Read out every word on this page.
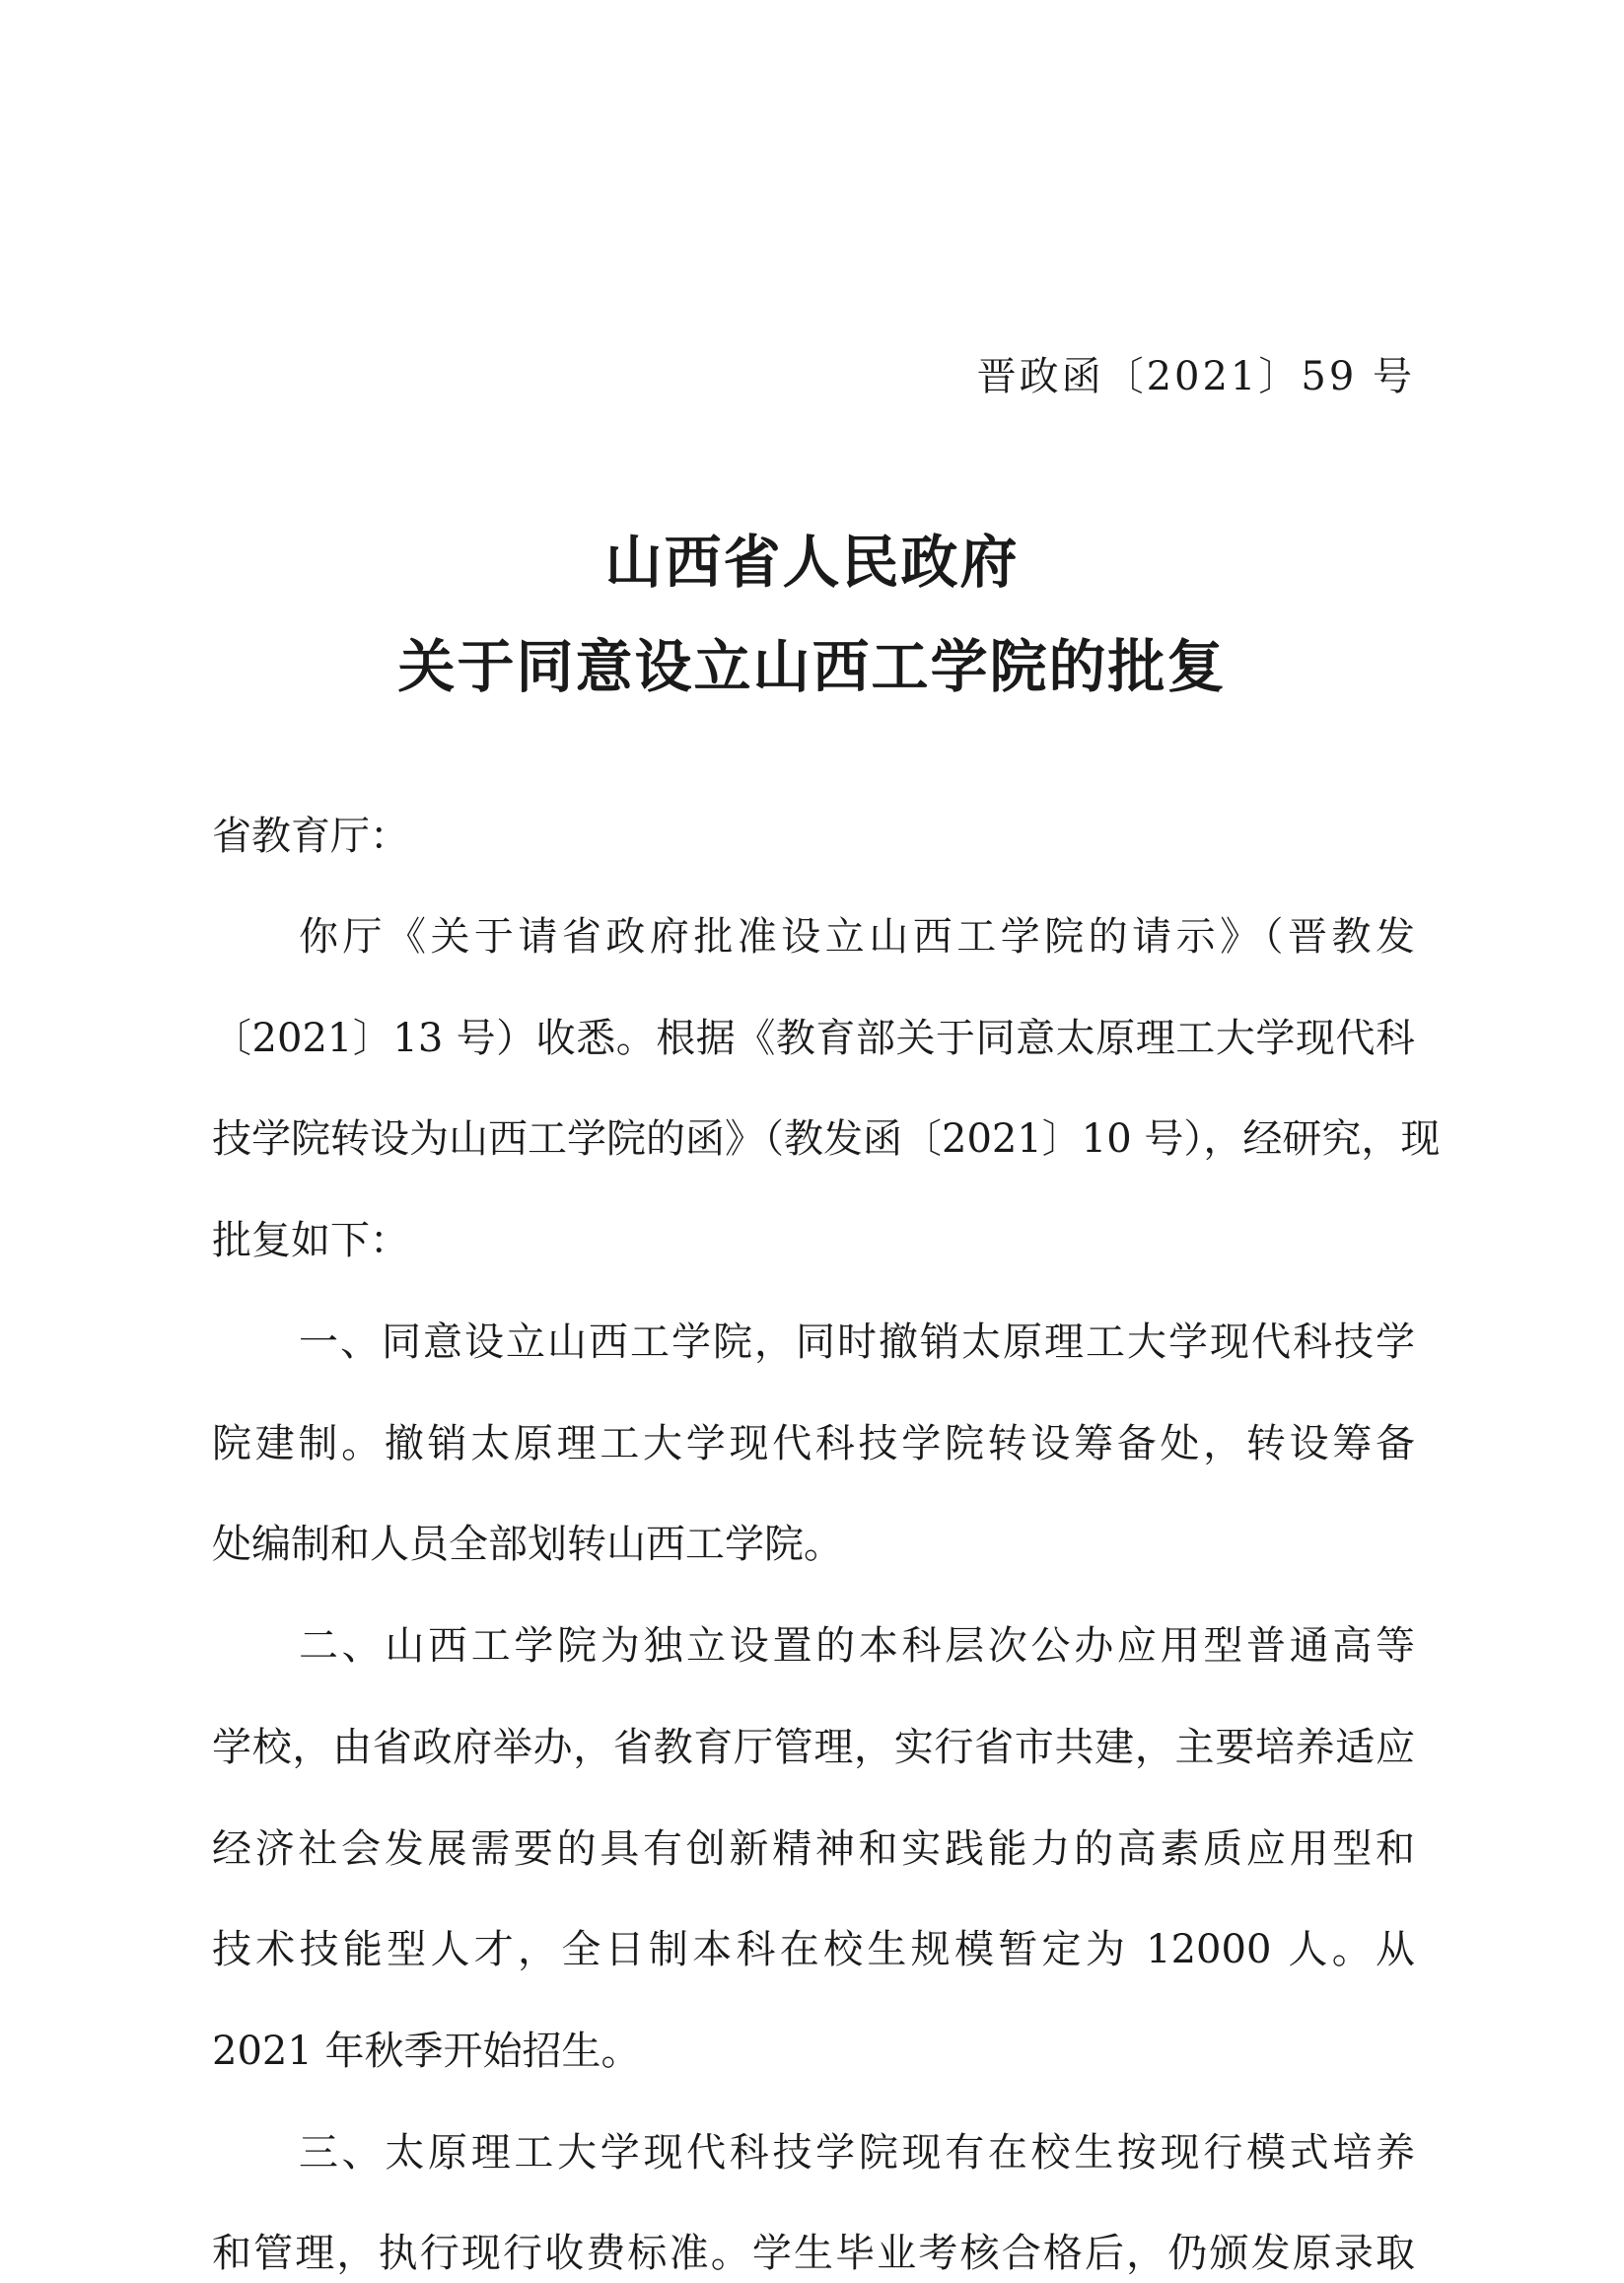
晋政函〔2021〕59 号
山西省人民政府
关于同意设立山西工学院的批复
省教育厅：
你厅《关于请省政府批准设立山西工学院的请示》（晋教发
〔2021〕13 号）收悉。根据《教育部关于同意太原理工大学现代科
技学院转设为山西工学院的函》（教发函〔2021〕10 号），经研究，现
批复如下：
一、同意设立山西工学院，同时撤销太原理工大学现代科技学
院建制。撤销太原理工大学现代科技学院转设筹备处，转设筹备
处编制和人员全部划转山西工学院。
二、山西工学院为独立设置的本科层次公办应用型普通高等
学校，由省政府举办，省教育厅管理，实行省市共建，主要培养适应
经济社会发展需要的具有创新精神和实践能力的高素质应用型和
技术技能型人才，全日制本科在校生规模暂定为 12000 人。从
2021 年秋季开始招生。
三、太原理工大学现代科技学院现有在校生按现行模式培养
和管理，执行现行收费标准。学生毕业考核合格后，仍颁发原录取
